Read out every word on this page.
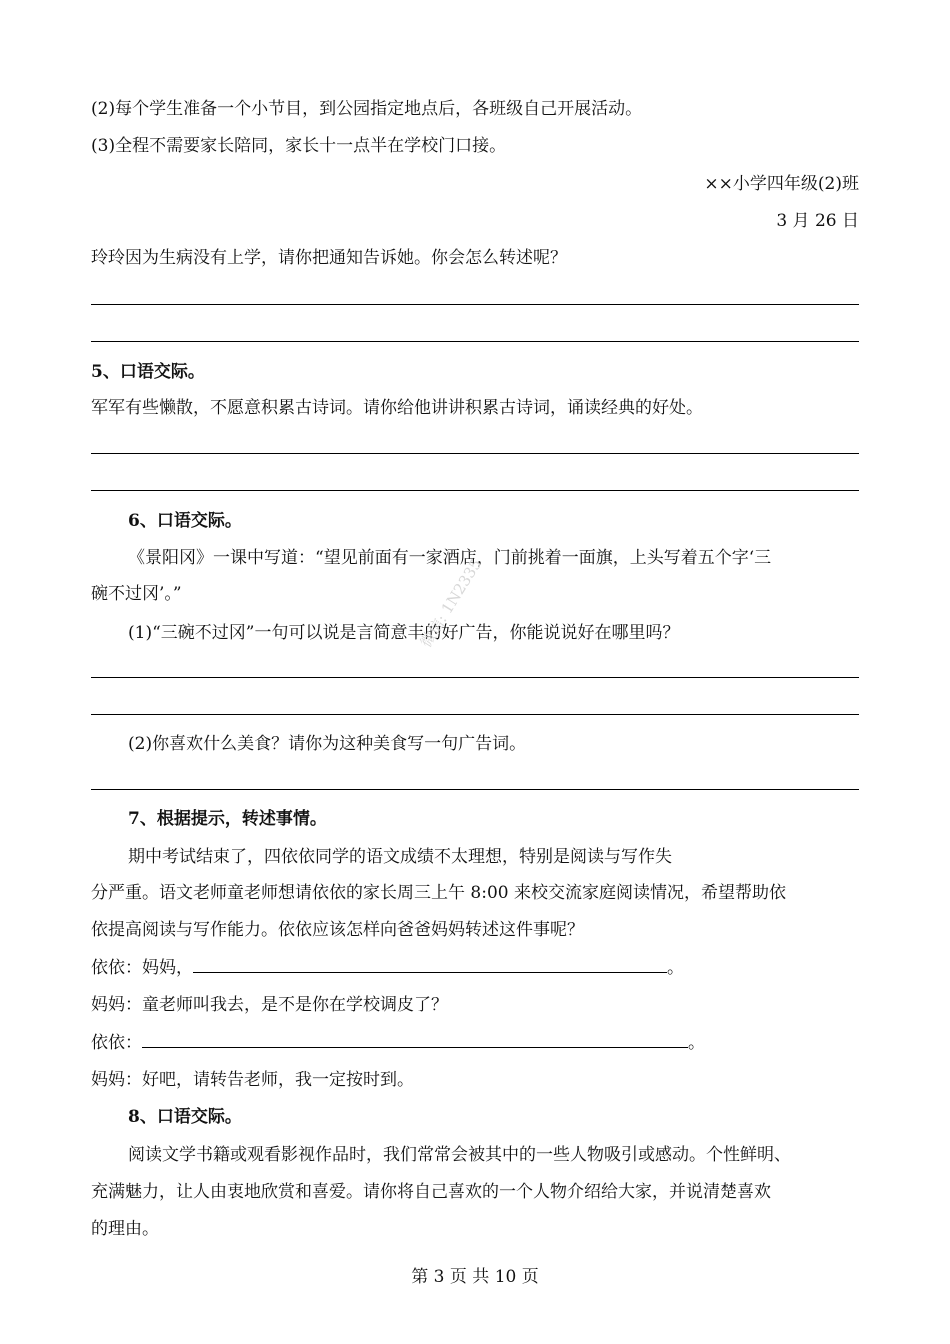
(2)每个学生准备一个小节目，到公园指定地点后，各班级自己开展活动。

(3)全程不需要家长陪同，家长十一点半在学校门口接。

××小学四年级(2)班

3 月 26 日

玲玲因为生病没有上学，请你把通知告诉她。你会怎么转述呢？

5、口语交际。

军军有些懒散，不愿意积累古诗词。请你给他讲讲积累古诗词，诵读经典的好处。

6、口语交际。

《景阳冈》一课中写道：“望见前面有一家酒店，门前挑着一面旗，上头写着五个字‘三

碗不过冈’。”

(1)“三碗不过冈”一句可以说是言简意丰的好广告，你能说说好在哪里吗？

(2)你喜欢什么美食？请你为这种美食写一句广告词。

7、根据提示，转述事情。

期中考试结束了，四依依同学的语文成绩不太理想，特别是阅读与写作失

分严重。语文老师童老师想请依依的家长周三上午 8:00 来校交流家庭阅读情况，希望帮助依

依提高阅读与写作能力。依依应该怎样向爸爸妈妈转述这件事呢？

依依：妈妈，	。

妈妈：童老师叫我去，是不是你在学校调皮了？

依依：	。

妈妈：好吧，请转告老师，我一定按时到。

8、口语交际。

阅读文学书籍或观看影视作品时，我们常常会被其中的一些人物吸引或感动。个性鲜明、

充满魅力，让人由衷地欣赏和喜爱。请你将自己喜欢的一个人物介绍给大家，并说清楚喜欢

的理由。

微信: 1N2335
第 3 页 共 10 页
